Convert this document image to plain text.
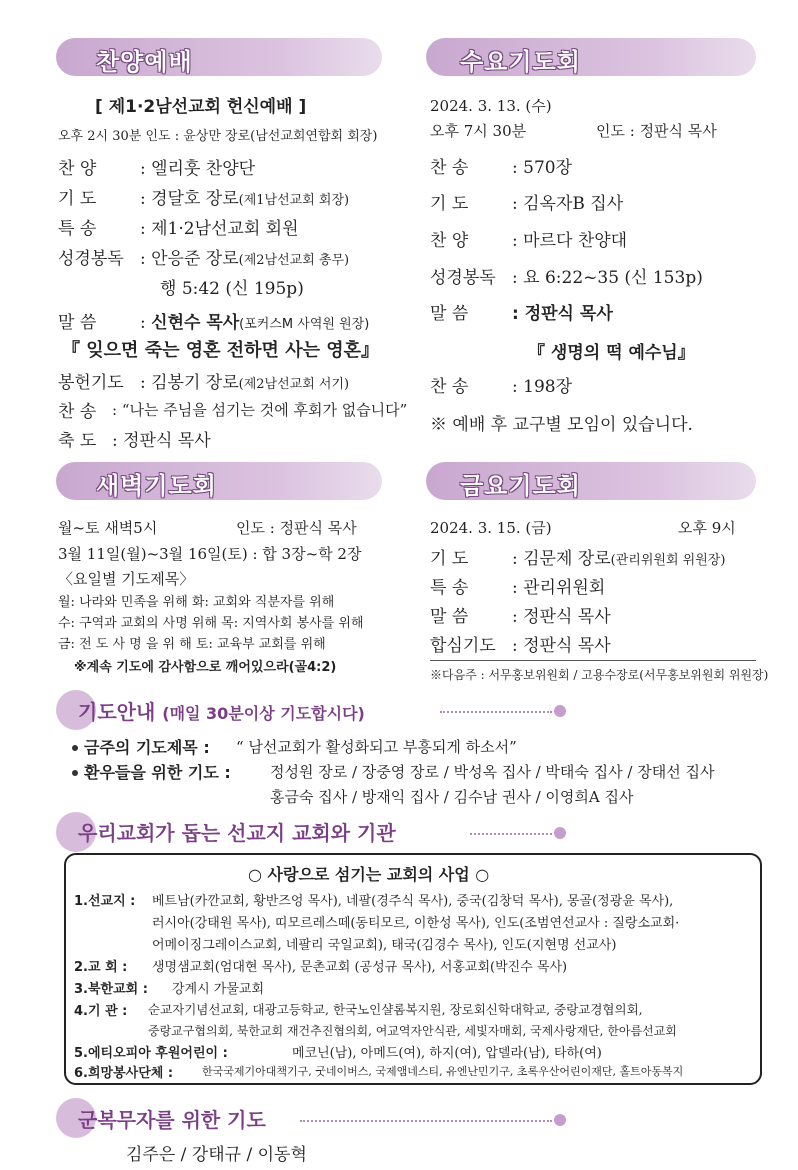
찬양예배
[ 제1·2남선교회 헌신예배 ]
오후 2시 30분 인도 : 윤상만 장로(남선교회연합회 회장)
찬 양	: 엘리훗 찬양단
기 도	: 경달호 장로(제1남선교회 회장)
특 송	: 제1·2남선교회 회원
성경봉독 : 안응준 장로(제2남선교회 총무)
행 5:42 (신 195p)
말 씀	: 신현수 목사(포커스M 사역원 원장)
『 잊으면 죽는 영혼 전하면 사는 영혼』
봉헌기도 : 김봉기 장로(제2남선교회 서기)
찬 송 : “나는 주님을 섬기는 것에 후회가 없습니다”
축 도 : 정판식 목사
수요기도회
2024. 3. 13. (수)
오후 7시 30분	인도 : 정판식 목사
찬 송	: 570장
기 도	: 김옥자B 집사
찬 양	: 마르다 찬양대
성경봉독 : 요 6:22~35 (신 153p)
말 씀	: 정판식 목사
『 생명의 떡 예수님』
찬 송	: 198장
※ 예배 후 교구별 모임이 있습니다.
새벽기도회
월~토 새벽5시	인도 : 정판식 목사
3월 11일(월)~3월 16일(토) : 합 3장~학 2장
〈요일별 기도제목〉
월: 나라와 민족을 위해 화: 교회와 직분자를 위해
수: 구역과 교회의 사명 위해 목: 지역사회 봉사를 위해
금: 전 도 사 명 을 위 해 토: 교육부 교회를 위해
※계속 기도에 감사함으로 깨어있으라(골4:2)
금요기도회
2024. 3. 15. (금)	오후 9시
기 도	: 김문제 장로(관리위원회 위원장)
특 송	: 관리위원회
말 씀	: 정판식 목사
합심기도 : 정판식 목사
※다음주 : 서무홍보위원회 / 고용수장로(서무홍보위원회 위원장)
기도안내 (매일 30분이상 기도합시다)
금주의 기도제목 : “ 남선교회가 활성화되고 부흥되게 하소서”
환우들을 위한 기도 :	정성원 장로 / 장중영 장로 / 박성옥 집사 / 박태숙 집사 / 장태선 집사
홍금숙 집사 / 방재익 집사 / 김수남 권사 / 이영희A 집사
우리교회가 돕는 선교지 교회와 기관
○ 사랑으로 섬기는 교회의 사업 ○
1.선교지 : 베트남(카깐교회, 황반즈엉 목사), 네팔(경주식 목사), 중국(김창덕 목사), 몽골(정광윤 목사),
러시아(강태원 목사), 띠모르레스떼(동티모르, 이한성 목사), 인도(조범연선교사 : 질랑소교회·
어메이징그레이스교회, 네팔리 국일교회), 태국(김경수 목사), 인도(지현명 선교사)
2.교 회 : 생명샘교회(엄대현 목사), 문촌교회 (공성규 목사), 서홍교회(박진수 목사)
3.북한교회 : 강계시 가물교회
4.기 관 : 순교자기념선교회, 대광고등학교, 한국노인샬롬복지원, 장로회신학대학교, 중랑교경협의회,
중랑교구협의회, 북한교회 재건추진협의회, 여교역자안식관, 세빛자매회, 국제사랑재단, 한아름선교회
5.에티오피아 후원어린이 :	메코닌(남), 아메드(여), 하지(여), 압델라(남), 타하(여)
6.희망봉사단체 :	한국국제기아대책기구, 굿네이버스, 국제앰네스티, 유엔난민기구, 초록우산어린이재단, 홀트아동복지
군복무자를 위한 기도
김주은 / 강태규 / 이동혁
